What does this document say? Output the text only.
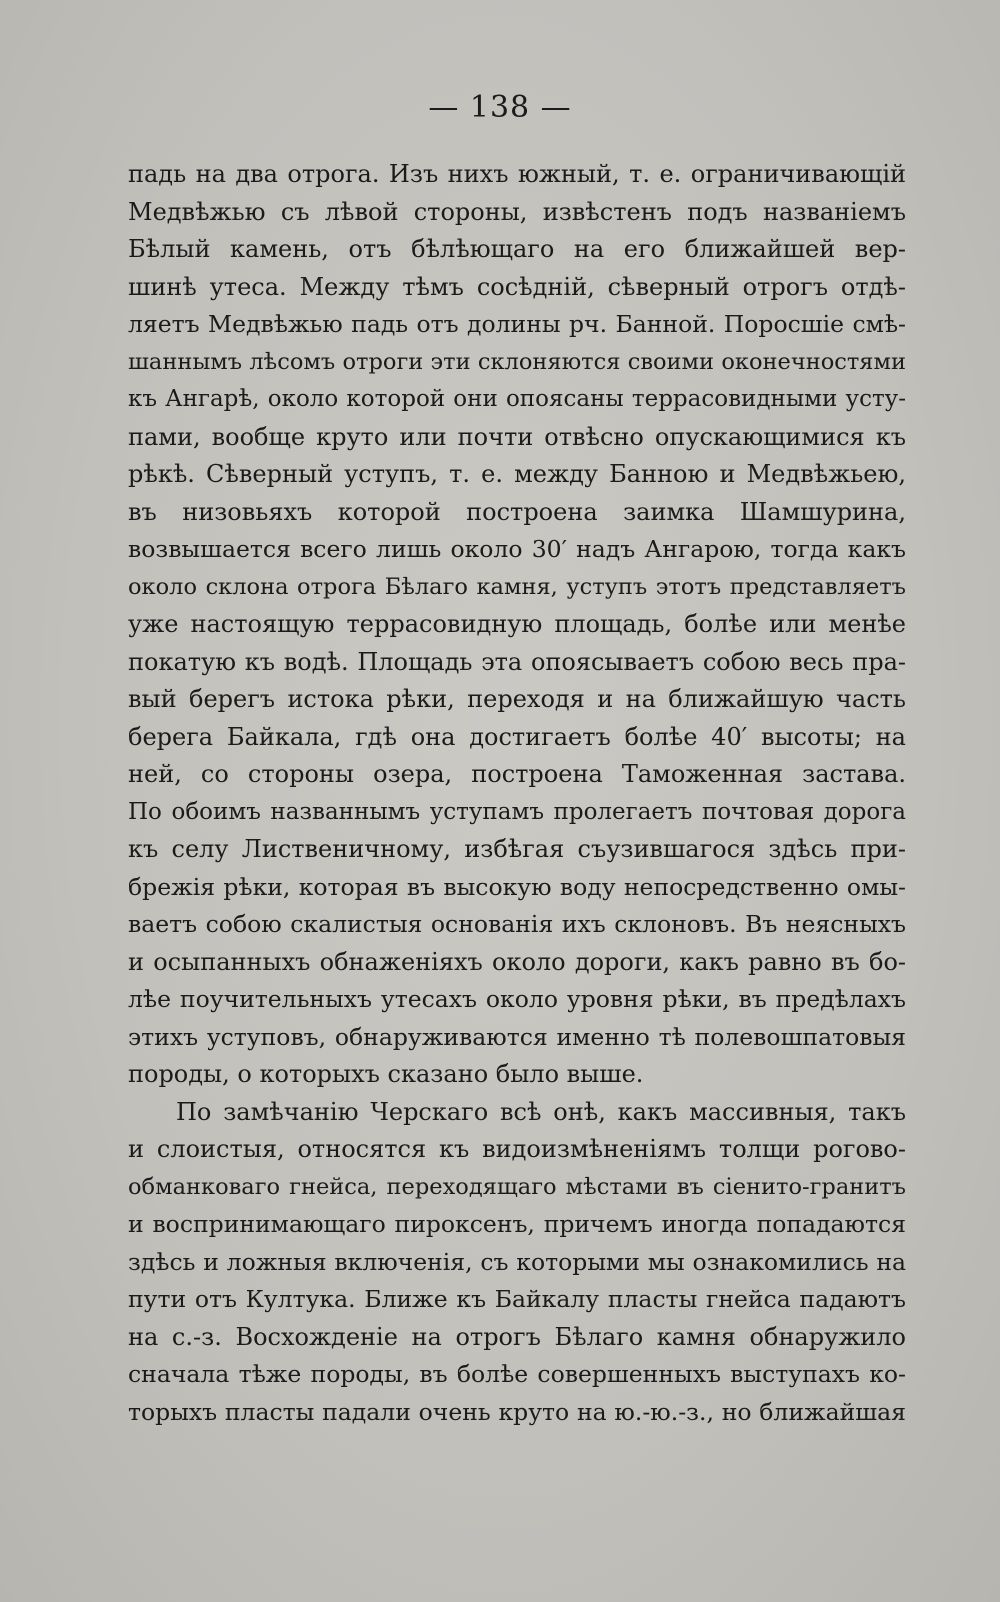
— 138 —
падь на два отрога. Изъ нихъ южный, т. е. ограничивающій
Медвѣжью съ лѣвой стороны, извѣстенъ подъ названіемъ
Бѣлый камень, отъ бѣлѣющаго на его ближайшей вер-
шинѣ утеса. Между тѣмъ сосѣдній, сѣверный отрогъ отдѣ-
ляетъ Медвѣжью падь отъ долины рч. Банной. Поросшіе смѣ-
шаннымъ лѣсомъ отроги эти склоняются своими оконечностями
къ Ангарѣ, около которой они опоясаны террасовидными усту-
пами, вообще круто или почти отвѣсно опускающимися къ
рѣкѣ. Сѣверный уступъ, т. е. между Банною и Медвѣжьею,
въ низовьяхъ которой построена заимка Шамшурина,
возвышается всего лишь около 30′ надъ Ангарою, тогда какъ
около склона отрога Бѣлаго камня, уступъ этотъ представляетъ
уже настоящую террасовидную площадь, болѣе или менѣе
покатую къ водѣ. Площадь эта опоясываетъ собою весь пра-
вый берегъ истока рѣки, переходя и на ближайшую часть
берега Байкала, гдѣ она достигаетъ болѣе 40′ высоты; на
ней, со стороны озера, построена Таможенная застава.
По обоимъ названнымъ уступамъ пролегаетъ почтовая дорога
къ селу Лиственичному, избѣгая съузившагося здѣсь при-
брежія рѣки, которая въ высокую воду непосредственно омы-
ваетъ собою скалистыя основанія ихъ склоновъ. Въ неясныхъ
и осыпанныхъ обнаженіяхъ около дороги, какъ равно въ бо-
лѣе поучительныхъ утесахъ около уровня рѣки, въ предѣлахъ
этихъ уступовъ, обнаруживаются именно тѣ полевошпатовыя
породы, о которыхъ сказано было выше.
По замѣчанію Черскаго всѣ онѣ, какъ массивныя, такъ
и слоистыя, относятся къ видоизмѣненіямъ толщи рогово-
обманковаго гнейса, переходящаго мѣстами въ сіенито-гранитъ
и воспринимающаго пироксенъ, причемъ иногда попадаются
здѣсь и ложныя включенія, съ которыми мы ознакомились на
пути отъ Култука. Ближе къ Байкалу пласты гнейса падаютъ
на с.-з. Восхожденіе на отрогъ Бѣлаго камня обнаружило
сначала тѣже породы, въ болѣе совершенныхъ выступахъ ко-
торыхъ пласты падали очень круто на ю.-ю.-з., но ближайшая
